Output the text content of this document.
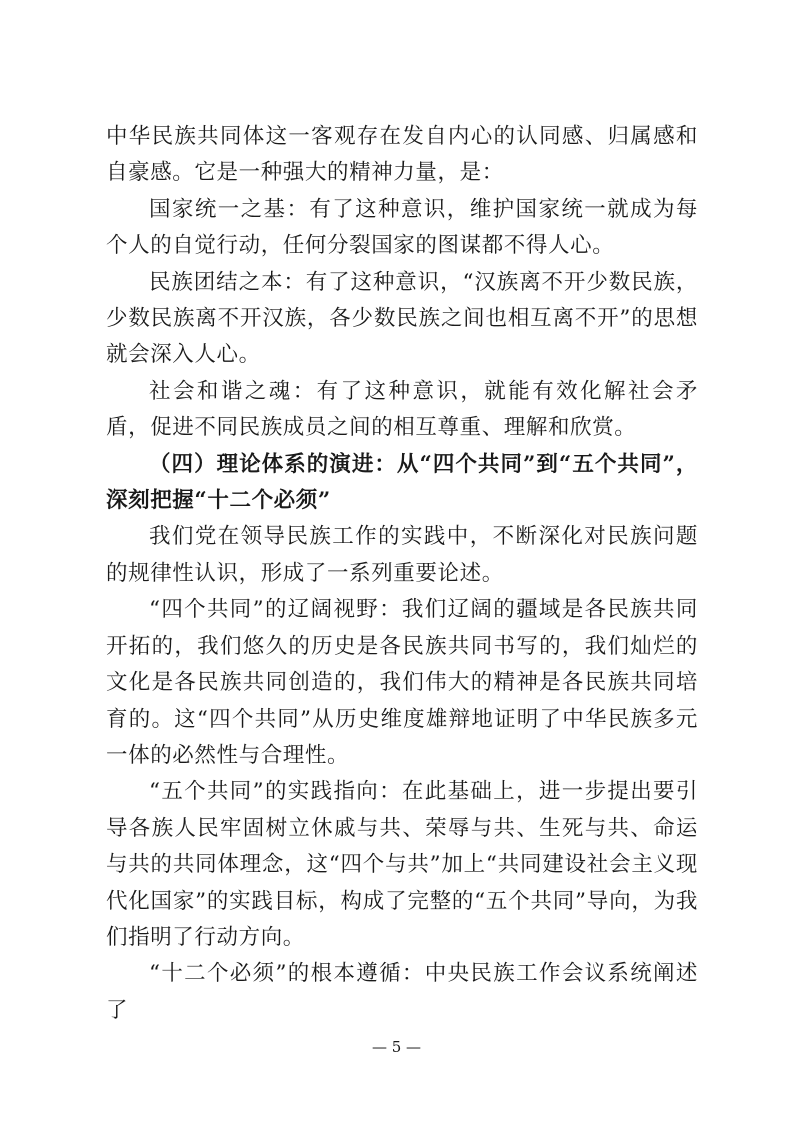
中华民族共同体这一客观存在发自内心的认同感、归属感和自豪感。它是一种强大的精神力量，是：

国家统一之基：有了这种意识，维护国家统一就成为每个人的自觉行动，任何分裂国家的图谋都不得人心。

民族团结之本：有了这种意识，“汉族离不开少数民族，少数民族离不开汉族，各少数民族之间也相互离不开”的思想就会深入人心。

社会和谐之魂：有了这种意识，就能有效化解社会矛盾，促进不同民族成员之间的相互尊重、理解和欣赏。

（四）理论体系的演进：从“四个共同”到“五个共同”，深刻把握“十二个必须”

我们党在领导民族工作的实践中，不断深化对民族问题的规律性认识，形成了一系列重要论述。

“四个共同”的辽阔视野：我们辽阔的疆域是各民族共同开拓的，我们悠久的历史是各民族共同书写的，我们灿烂的文化是各民族共同创造的，我们伟大的精神是各民族共同培育的。这“四个共同”从历史维度雄辩地证明了中华民族多元一体的必然性与合理性。

“五个共同”的实践指向：在此基础上，进一步提出要引导各族人民牢固树立休戚与共、荣辱与共、生死与共、命运与共的共同体理念，这“四个与共”加上“共同建设社会主义现代化国家”的实践目标，构成了完整的“五个共同”导向，为我们指明了行动方向。

“十二个必须”的根本遵循：中央民族工作会议系统阐述了

— 5 —
